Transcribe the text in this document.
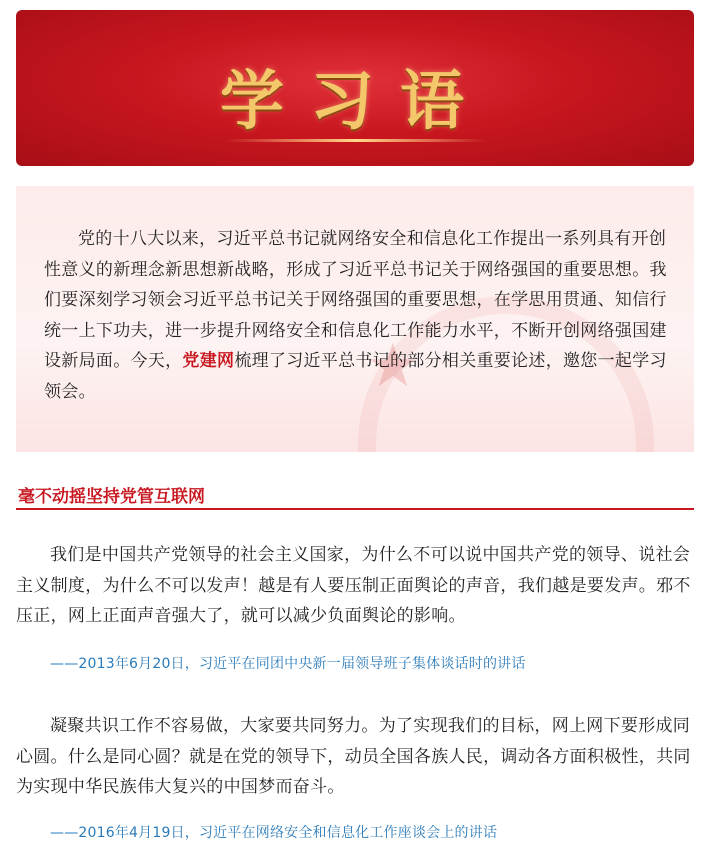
学习语
★

党的十八大以来，习近平总书记就网络安全和信息化工作提出一系列具有开创性意义的新理念新思想新战略，形成了习近平总书记关于网络强国的重要思想。我们要深刻学习领会习近平总书记关于网络强国的重要思想，在学思用贯通、知信行统一上下功夫，进一步提升网络安全和信息化工作能力水平，不断开创网络强国建设新局面。今天，党建网梳理了习近平总书记的部分相关重要论述，邀您一起学习领会。

毫不动摇坚持党管互联网

我们是中国共产党领导的社会主义国家，为什么不可以说中国共产党的领导、说社会主义制度，为什么不可以发声！越是有人要压制正面舆论的声音，我们越是要发声。邪不压正，网上正面声音强大了，就可以减少负面舆论的影响。

——2013年6月20日，习近平在同团中央新一届领导班子集体谈话时的讲话

凝聚共识工作不容易做，大家要共同努力。为了实现我们的目标，网上网下要形成同心圆。什么是同心圆？就是在党的领导下，动员全国各族人民，调动各方面积极性，共同为实现中华民族伟大复兴的中国梦而奋斗。

——2016年4月19日，习近平在网络安全和信息化工作座谈会上的讲话
